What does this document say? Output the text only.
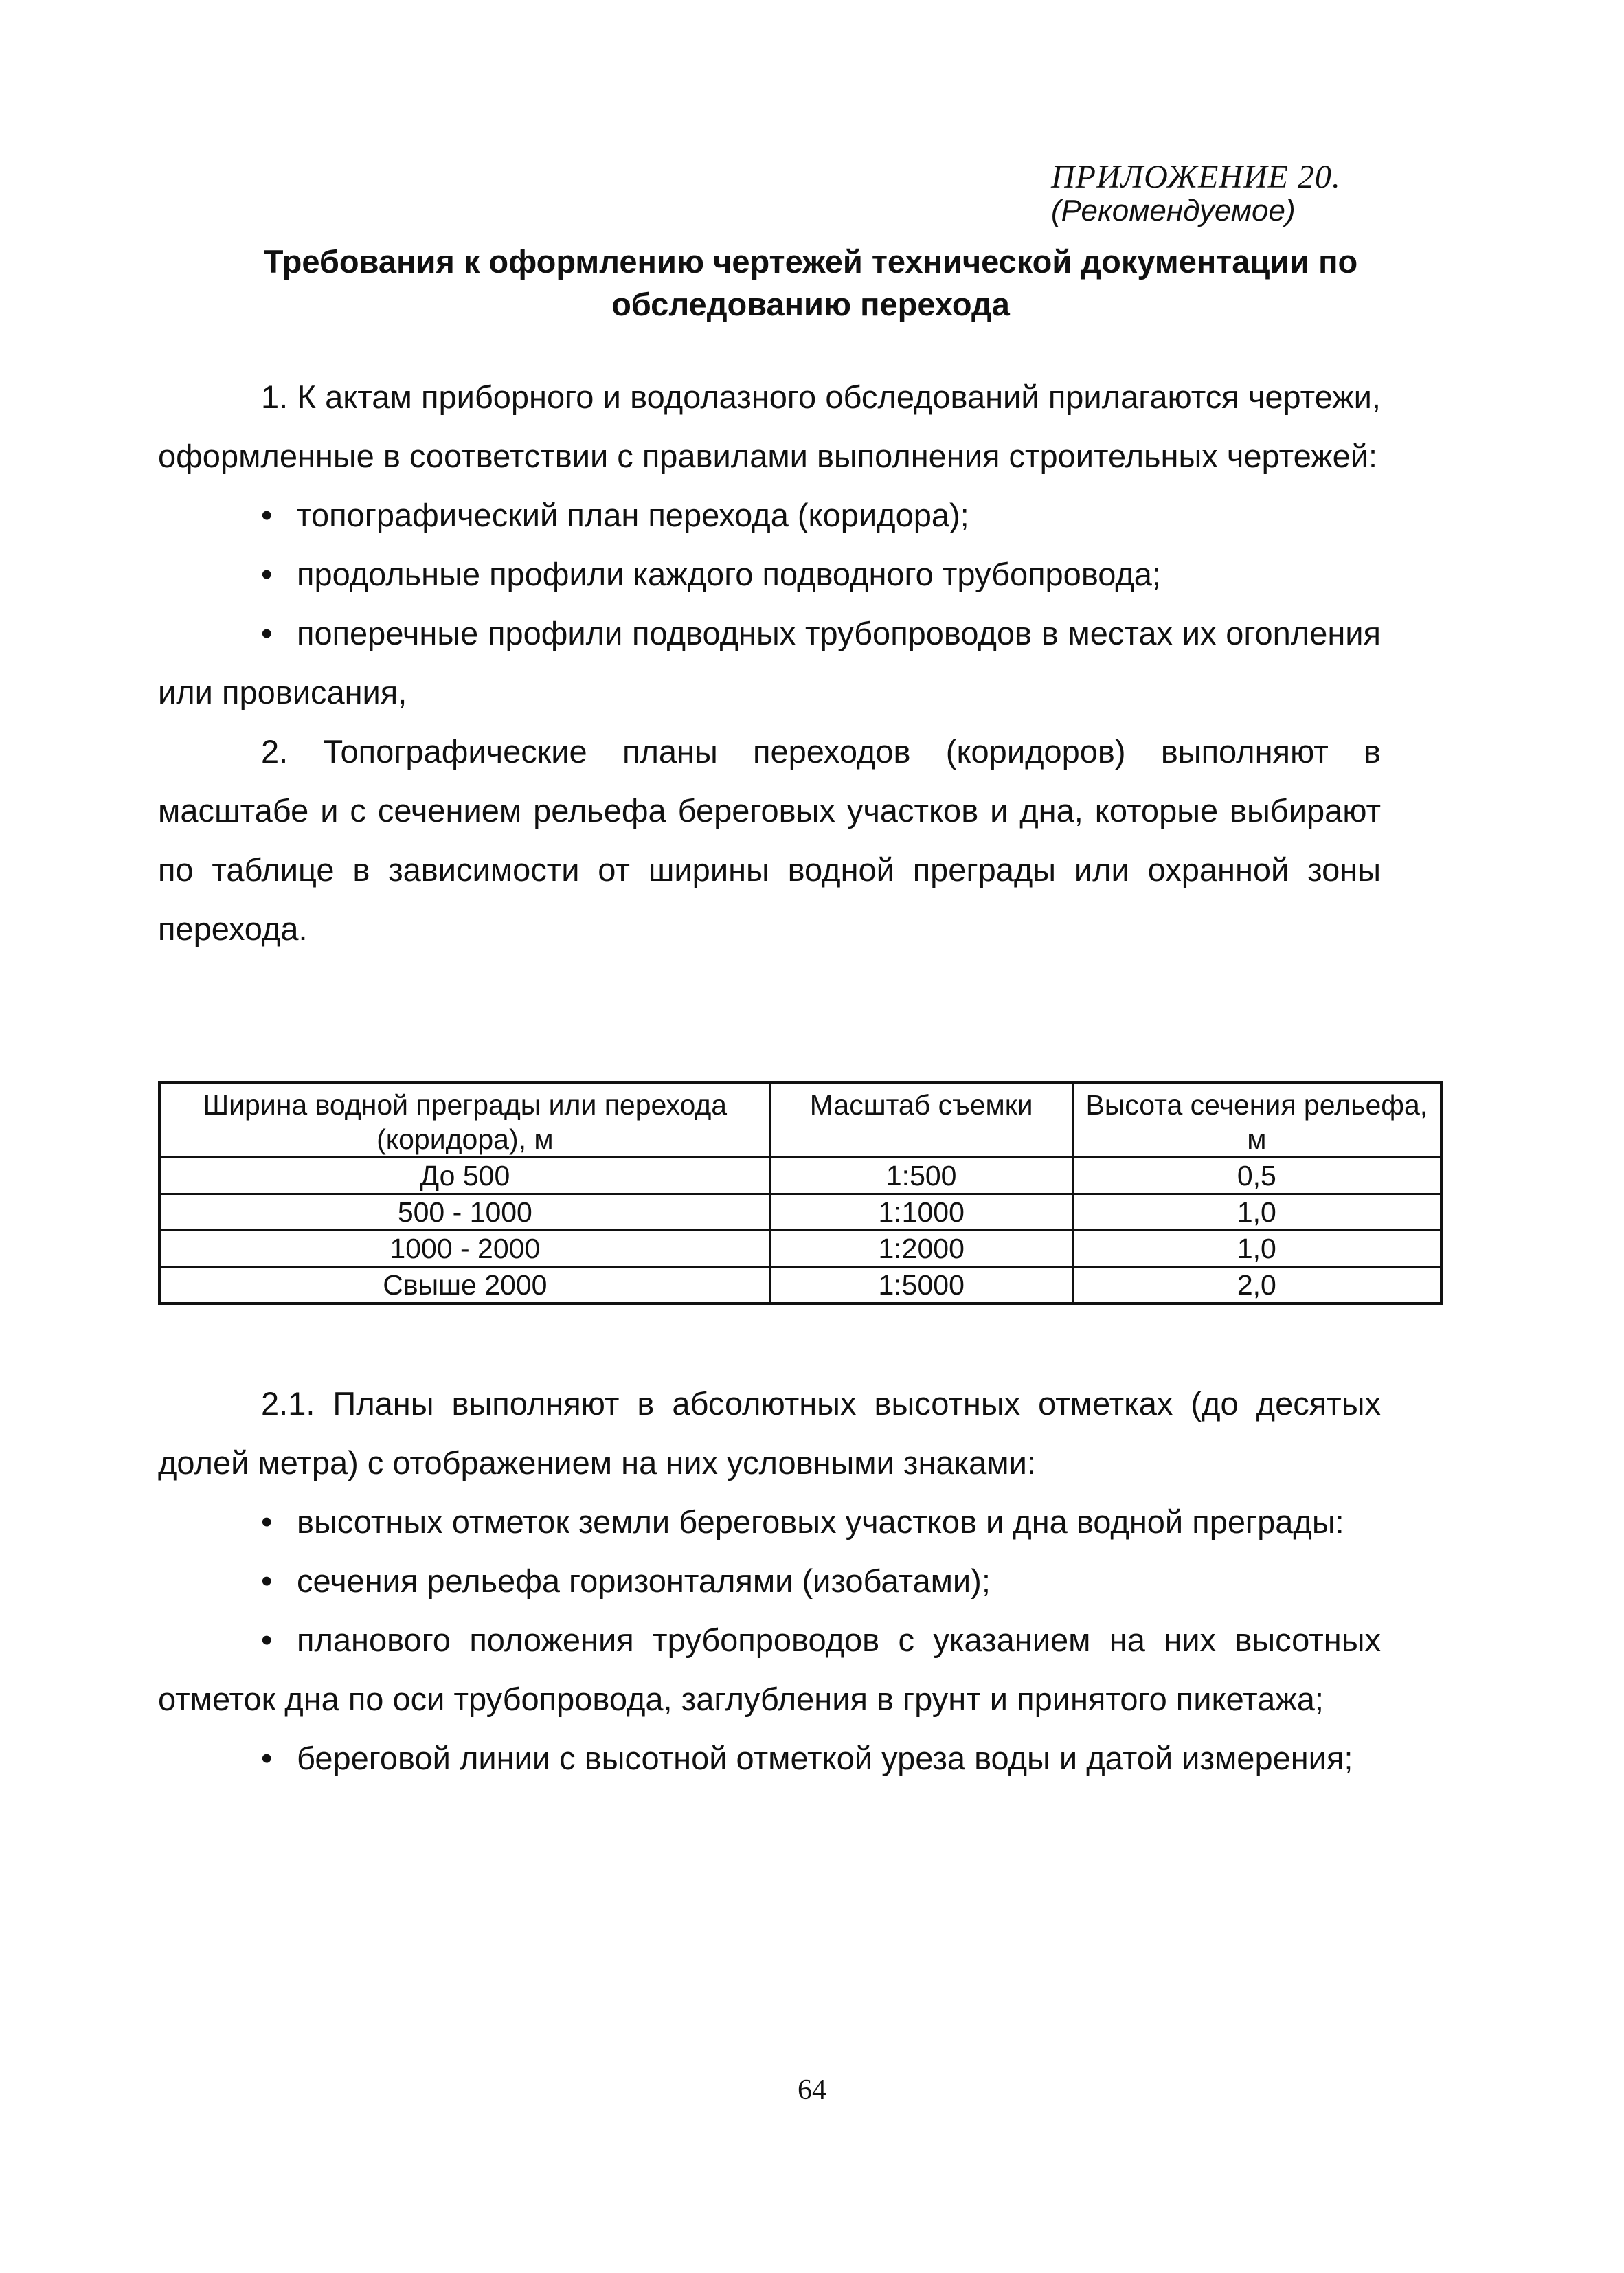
ПРИЛОЖЕНИЕ 20.
(Рекомендуемое)
Требования к оформлению чертежей технической документации по обследованию перехода

1. К актам приборного и водолазного обследований прилагаются чертежи, оформленные в соответствии с правилами выполнения строительных чертежей:

• топографический план перехода (коридора);

• продольные профили каждого подводного трубопровода;

• поперечные профили подводных трубопроводов в местах их огоnления или провисания,

2. Топографические планы переходов (коридоров) выполняют в масштабе и с сечением рельефа береговых участков и дна, которые выбирают по таблице в зависимости от ширины водной преграды или охранной зоны перехода.

Ширина водной преграды или перехода (коридора), м	Масштаб съемки	Высота сечения рельефа, м
До 500	1:500	0,5
500 - 1000	1:1000	1,0
1000 - 2000	1:2000	1,0
Свыше 2000	1:5000	2,0

2.1. Планы выполняют в абсолютных высотных отметках (до десятых долей метра) с отображением на них условными знаками:

• высотных отметок земли береговых участков и дна водной преграды:

• сечения рельефа горизонталями (изобатами);

• планового положения трубопроводов с указанием на них высотных отметок дна по оси трубопровода, заглубления в грунт и принятого пикетажа;

• береговой линии с высотной отметкой уреза воды и датой измерения;

64
